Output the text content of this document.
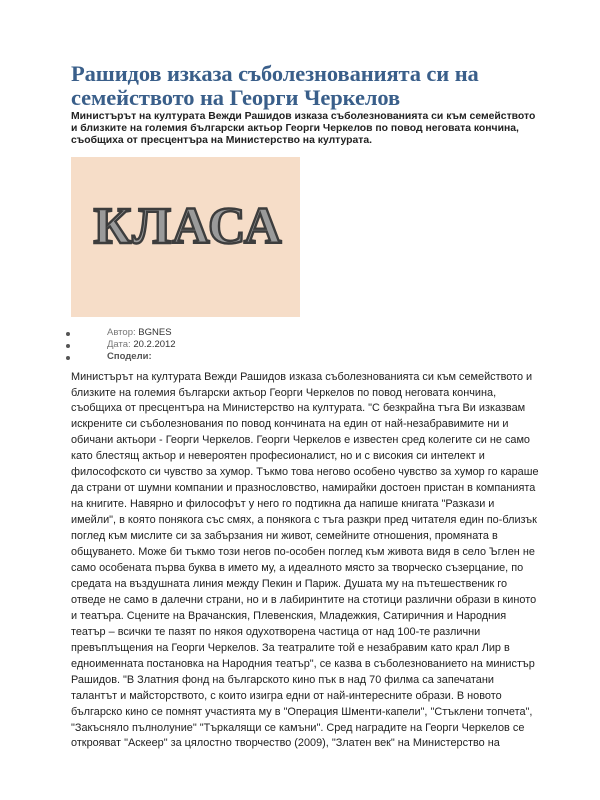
Рашидов изказа съболезнованията си на семейството на Георги Черкелов

Министърът на културата Вежди Рашидов изказа съболезнованията си към семейството и близките на големия български актьор Георги Черкелов по повод неговата кончина, съобщиха от пресцентъра на Министерство на културата.

КЛАСА
Автор: BGNES
Дата: 20.2.2012
Сподели:

Министърът на културата Вежди Рашидов изказа съболезнованията си към семейството и близките на големия български актьор Георги Черкелов по повод неговата кончина, съобщиха от пресцентъра на Министерство на културата. "С безкрайна тъга Ви изказвам искрените си съболезнования по повод кончината на един от най-незабравимите ни и обичани актьори - Георги Черкелов. Георги Черкелов е известен сред колегите си не само като блестящ актьор и невероятен професионалист, но и с високия си интелект и философското си чувство за хумор. Тъкмо това негово особено чувство за хумор го караше да страни от шумни компании и празнословство, намирайки достоен пристан в компанията на книгите. Навярно и философът у него го подтикна да напише книгата "Разкази и имейли", в която понякога със смях, а понякога с тъга разкри пред читателя един по-близък поглед към мислите си за забързания ни живот, семейните отношения, промяната в общуването. Може би тъкмо този негов по-особен поглед към живота видя в село Ъглен не само особената първа буква в името му, а идеалното място за творческо съзерцание, по средата на въздушната линия между Пекин и Париж. Душата му на пътешественик го отведе не само в далечни страни, но и в лабиринтите на стотици различни образи в киното и театъра. Сцените на Врачанския, Плевенския, Младежкия, Сатиричния и Народния театър – всички те пазят по някоя одухотворена частица от над 100-те различни превъплъщения на Георги Черкелов. За театралите той е незабравим като крал Лир в едноименната постановка на Народния театър", се казва в съболезнованието на министър Рашидов. "В Златния фонд на българското кино пък в над 70 филма са запечатани талантът и майсторството, с които изигра едни от най-интересните образи. В новото българско кино се помнят участията му в "Операция Шменти-капели", "Стъклени топчета", "Закъсняло пълнолуние" "Търкалящи се камъни". Сред наградите на Георги Черкелов се открояват "Аскеер" за цялостно творчество (2009), "Златен век" на Министерство на
